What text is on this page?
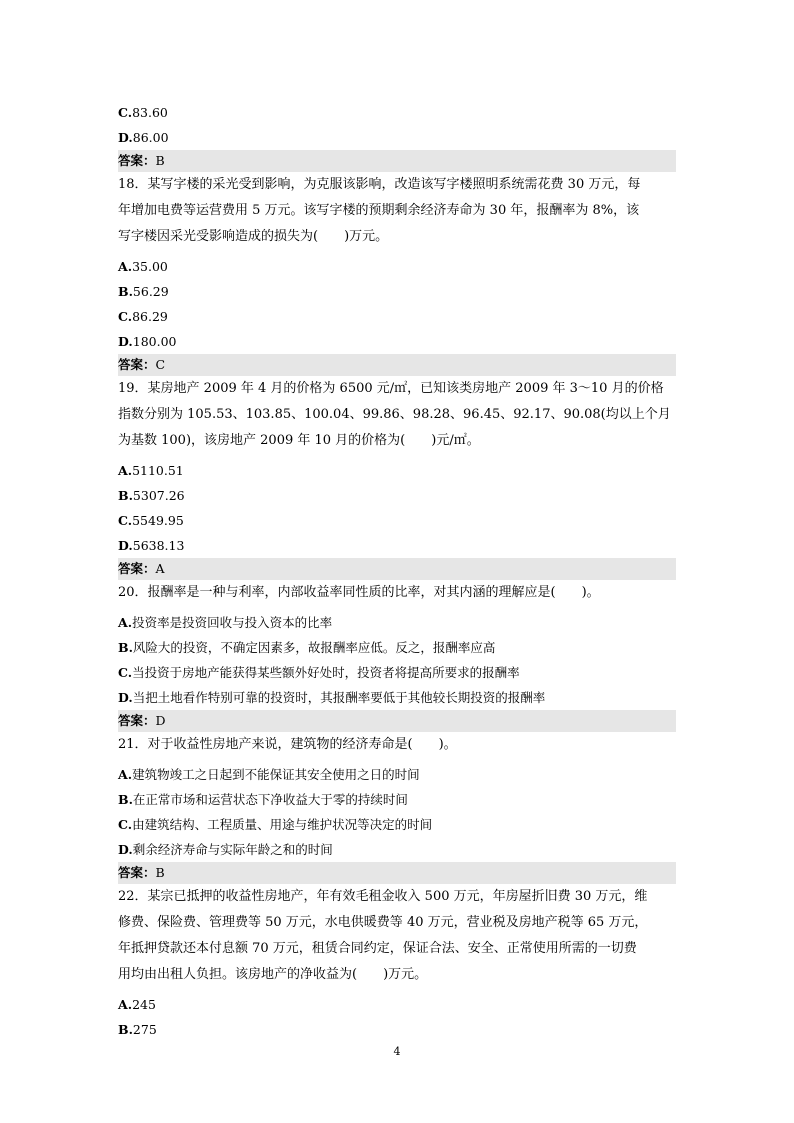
C.83.60
D.86.00
答案：B
18．某写字楼的采光受到影响，为克服该影响，改造该写字楼照明系统需花费 30 万元，每
年增加电费等运营费用 5 万元。该写字楼的预期剩余经济寿命为 30 年，报酬率为 8%，该
写字楼因采光受影响造成的损失为(　　)万元。
A.35.00
B.56.29
C.86.29
D.180.00
答案：C
19．某房地产 2009 年 4 月的价格为 6500 元/㎡，已知该类房地产 2009 年 3～10 月的价格
指数分别为 105.53、103.85、100.04、99.86、98.28、96.45、92.17、90.08(均以上个月
为基数 100)，该房地产 2009 年 10 月的价格为(　　)元/㎡。
A.5110.51
B.5307.26
C.5549.95
D.5638.13
答案：A
20．报酬率是一种与利率，内部收益率同性质的比率，对其内涵的理解应是(　　)。
A.投资率是投资回收与投入资本的比率
B.风险大的投资，不确定因素多，故报酬率应低。反之，报酬率应高
C.当投资于房地产能获得某些额外好处时，投资者将提高所要求的报酬率
D.当把土地看作特别可靠的投资时，其报酬率要低于其他较长期投资的报酬率
答案：D
21．对于收益性房地产来说，建筑物的经济寿命是(　　)。
A.建筑物竣工之日起到不能保证其安全使用之日的时间
B.在正常市场和运营状态下净收益大于零的持续时间
C.由建筑结构、工程质量、用途与维护状况等决定的时间
D.剩余经济寿命与实际年龄之和的时间
答案：B
22．某宗已抵押的收益性房地产，年有效毛租金收入 500 万元，年房屋折旧费 30 万元，维
修费、保险费、管理费等 50 万元，水电供暖费等 40 万元，营业税及房地产税等 65 万元，
年抵押贷款还本付息额 70 万元，租赁合同约定，保证合法、安全、正常使用所需的一切费
用均由出租人负担。该房地产的净收益为(　　)万元。
A.245
B.275
4
